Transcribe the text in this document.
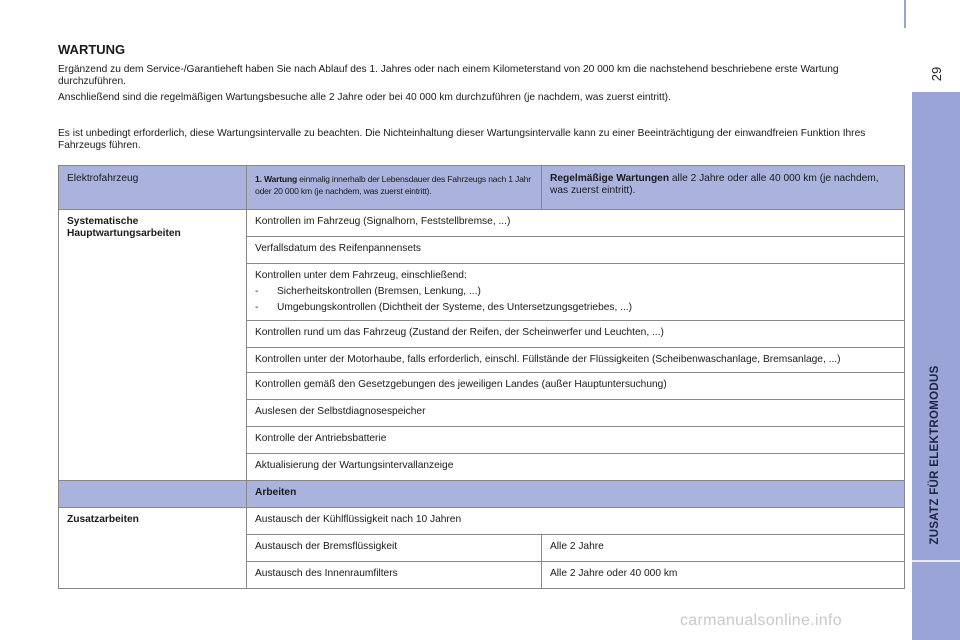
29
ZUSATZ FÜR ELEKTROMODUS
WARTUNG
Ergänzend zu dem Service-/Garantieheft haben Sie nach Ablauf des 1. Jahres oder nach einem Kilometerstand von 20 000 km die nachstehend beschriebene erste Wartung durchzuführen.
Anschließend sind die regelmäßigen Wartungsbesuche alle 2 Jahre oder bei 40 000 km durchzuführen (je nachdem, was zuerst eintritt).
Es ist unbedingt erforderlich, diese Wartungsintervalle zu beachten. Die Nichteinhaltung dieser Wartungsintervalle kann zu einer Beeinträchtigung der einwandfreien Funktion Ihres Fahrzeugs führen.
Elektrofahrzeug	1. Wartung einmalig innerhalb der Lebensdauer des Fahrzeugs nach 1 Jahr oder 20 000 km (je nachdem, was zuerst eintritt).	Regelmäßige Wartungen alle 2 Jahre oder alle 40 000 km (je nachdem, was zuerst eintritt).
Systematische Hauptwartungsarbeiten	Kontrollen im Fahrzeug (Signalhorn, Feststellbremse, ...)	
	Verfallsdatum des Reifenpannensets	
	Kontrollen unter dem Fahrzeug, einschließend:
- Sicherheitskontrollen (Bremsen, Lenkung, ...)
- Umgebungskontrollen (Dichtheit der Systeme, des Untersetzungsgetriebes, ...)	

	Kontrollen rund um das Fahrzeug (Zustand der Reifen, der Scheinwerfer und Leuchten, ...)	
	Kontrollen unter der Motorhaube, falls erforderlich, einschl. Füllstände der Flüssigkeiten (Scheibenwaschanlage, Bremsanlage, ...)	
	Kontrollen gemäß den Gesetzgebungen des jeweiligen Landes (außer Hauptuntersuchung)	
	Auslesen der Selbstdiagnosespeicher	
	Kontrolle der Antriebsbatterie	
	Aktualisierung der Wartungsintervallanzeige	
	Arbeiten	
Zusatzarbeiten	Austausch der Kühlflüssigkeit nach 10 Jahren	
	Austausch der Bremsflüssigkeit	Alle 2 Jahre
	Austausch des Innenraumfilters	Alle 2 Jahre oder 40 000 km
carmanualsonline.info
